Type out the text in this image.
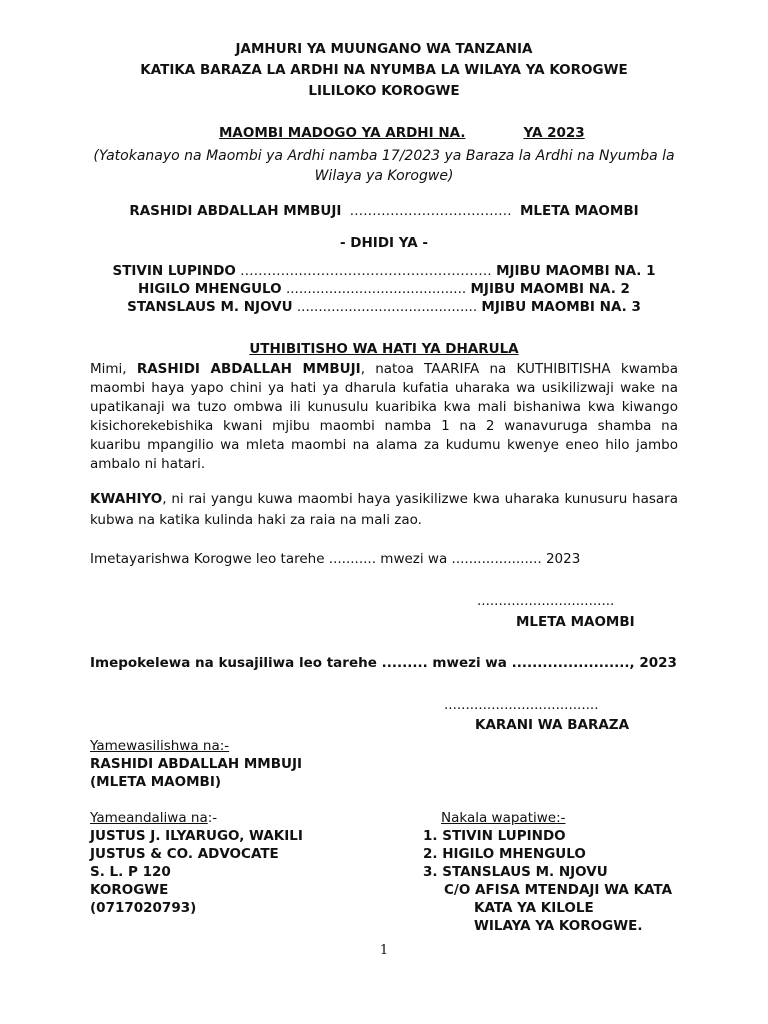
JAMHURI YA MUUNGANO WA TANZANIA
KATIKA BARAZA LA ARDHI NA NYUMBA LA WILAYA YA KOROGWE
LILILOKO KOROGWE
MAOMBI MADOGO YA ARDHI NA.	YA 2023
(Yatokanayo na Maombi ya Ardhi namba 17/2023 ya Baraza la Ardhi na Nyumba la
Wilaya ya Korogwe)
RASHIDI ABDALLAH MMBUJI ……………………………… MLETA MAOMBI
- DHIDI YA -
STIVIN LUPINDO …………..…………………………………… MJIBU MAOMBI NA. 1
HIGILO MHENGULO .......................................... MJIBU MAOMBI NA. 2
STANSLAUS M. NJOVU .......................................... MJIBU MAOMBI NA. 3
UTHIBITISHO WA HATI YA DHARULA
Mimi, RASHIDI ABDALLAH MMBUJI, natoa TAARIFA na KUTHIBITISHA kwamba maombi haya yapo chini ya hati ya dharula kufatia uharaka wa usikilizwaji wake na upatikanaji wa tuzo ombwa ili kunusulu kuaribika kwa mali bishaniwa kwa kiwango kisichorekebishika kwani mjibu maombi namba 1 na 2 wanavuruga shamba na kuaribu mpangilio wa mleta maombi na alama za kudumu kwenye eneo hilo jambo ambalo ni hatari.
KWAHIYO, ni rai yangu kuwa maombi haya yasikilizwe kwa uharaka kunusuru hasara kubwa na katika kulinda haki za raia na mali zao.
Imetayarishwa Korogwe leo tarehe ........... mwezi wa ..................... 2023
................................
MLETA MAOMBI
Imepokelewa na kusajiliwa leo tarehe ......... mwezi wa ......................., 2023
....................................
KARANI WA BARAZA
Yamewasilishwa na:-
RASHIDI ABDALLAH MMBUJI
(MLETA MAOMBI)
Yameandaliwa na:-
JUSTUS J. ILYARUGO, WAKILI
JUSTUS & CO. ADVOCATE
S. L. P 120
KOROGWE
(0717020793)
Nakala wapatiwe:-
1. STIVIN LUPINDO
2. HIGILO MHENGULO
3. STANSLAUS M. NJOVU
C/O AFISA MTENDAJI WA KATA
KATA YA KILOLE
WILAYA YA KOROGWE.
1
